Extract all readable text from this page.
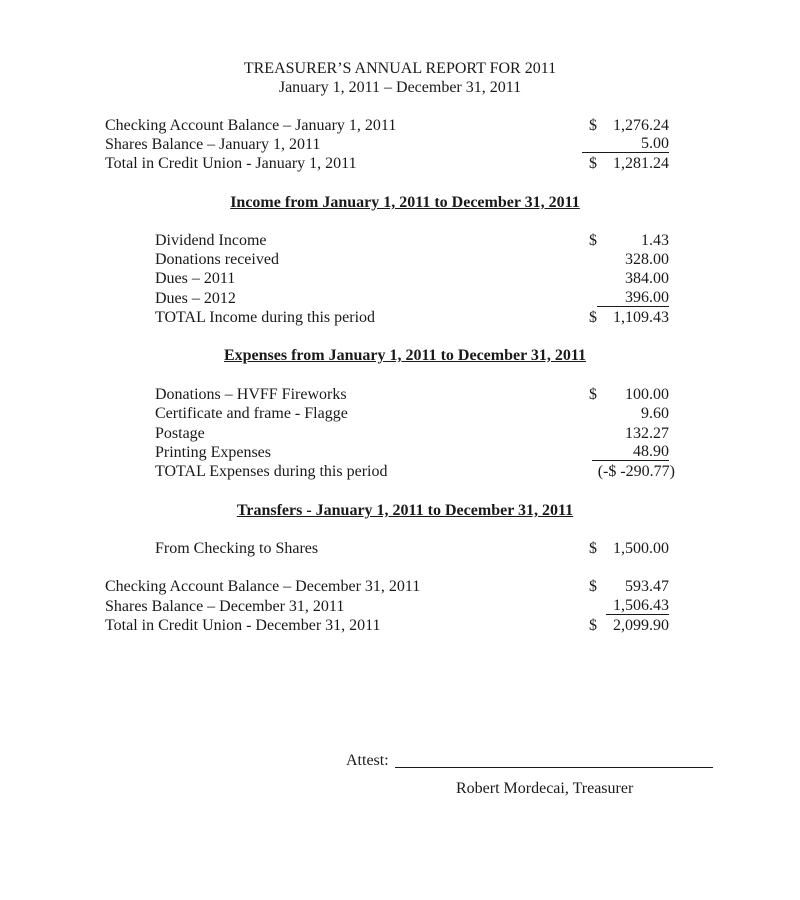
TREASURER’S ANNUAL REPORT FOR 2011
January 1, 2011 – December 31, 2011
Checking Account Balance – January 1, 2011	$ 1,276.24
Shares Balance – January 1, 2011	5.00
Total in Credit Union - January 1, 2011	$ 1,281.24
Income from January 1, 2011 to December 31, 2011
Dividend Income	$	1.43
Donations received	328.00
Dues – 2011	384.00
Dues – 2012	396.00
TOTAL Income during this period	$ 1,109.43
Expenses from January 1, 2011 to December 31, 2011
Donations – HVFF Fireworks	$ 100.00
Certificate and frame - Flagge	9.60
Postage	132.27
Printing Expenses	48.90
TOTAL Expenses during this period	(-$ -290.77)
Transfers - January 1, 2011 to December 31, 2011
From Checking to Shares	$ 1,500.00
Checking Account Balance – December 31, 2011	$ 593.47
Shares Balance – December 31, 2011	1,506.43
Total in Credit Union - December 31, 2011	$ 2,099.90
Attest:
Robert Mordecai, Treasurer
